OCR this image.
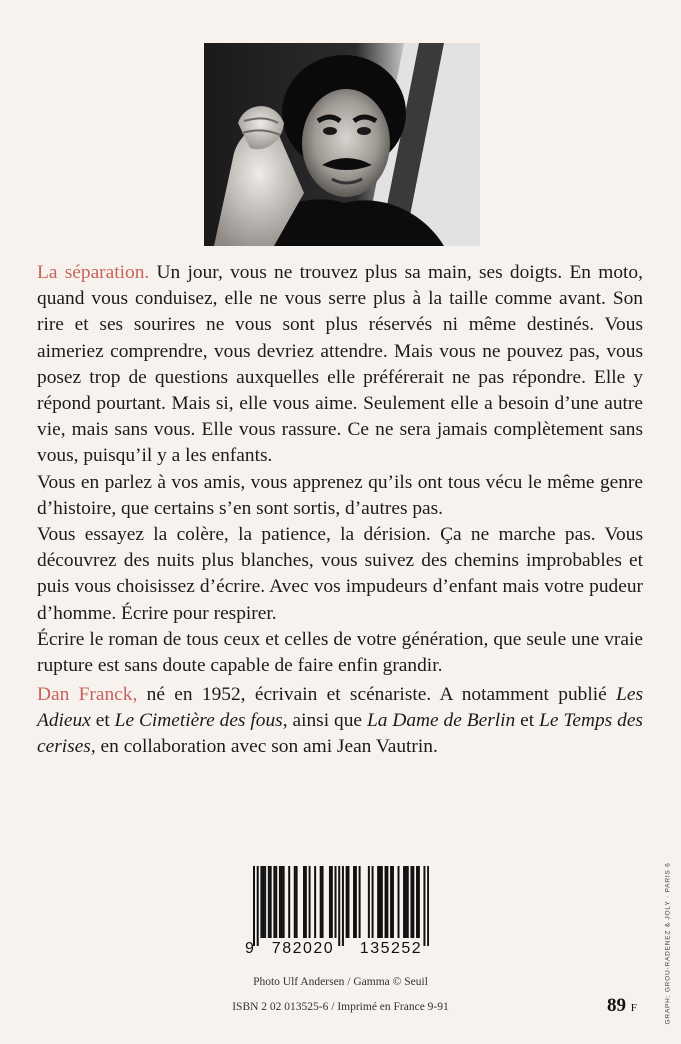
La séparation. Un jour, vous ne trouvez plus sa main, ses doigts. En moto, quand vous conduisez, elle ne vous serre plus à la taille comme avant. Son rire et ses sourires ne vous sont plus réservés ni même destinés. Vous aimeriez comprendre, vous devriez attendre. Mais vous ne pouvez pas, vous posez trop de questions auxquelles elle préférerait ne pas répondre. Elle y répond pourtant. Mais si, elle vous aime. Seulement elle a besoin d’une autre vie, mais sans vous. Elle vous rassure. Ce ne sera jamais complètement sans vous, puisqu’il y a les enfants.

Vous en parlez à vos amis, vous apprenez qu’ils ont tous vécu le même genre d’histoire, que certains s’en sont sortis, d’autres pas.

Vous essayez la colère, la patience, la dérision. Ça ne marche pas. Vous découvrez des nuits plus blanches, vous suivez des chemins improbables et puis vous choisissez d’écrire. Avec vos impudeurs d’enfant mais votre pudeur d’homme. Écrire pour respirer.

Écrire le roman de tous ceux et celles de votre génération, que seule une vraie rupture est sans doute capable de faire enfin grandir.

Dan Franck, né en 1952, écrivain et scénariste. A notamment publié Les Adieux et Le Cimetière des fous, ainsi que La Dame de Berlin et Le Temps des cerises, en collaboration avec son ami Jean Vautrin.

9	782020	135252
Photo Ulf Andersen / Gamma © Seuil
ISBN 2 02 013525-6 / Imprimé en France 9-91	89 F	GRAPH: GROU-RADENEZ & JOLY · PARIS 6
